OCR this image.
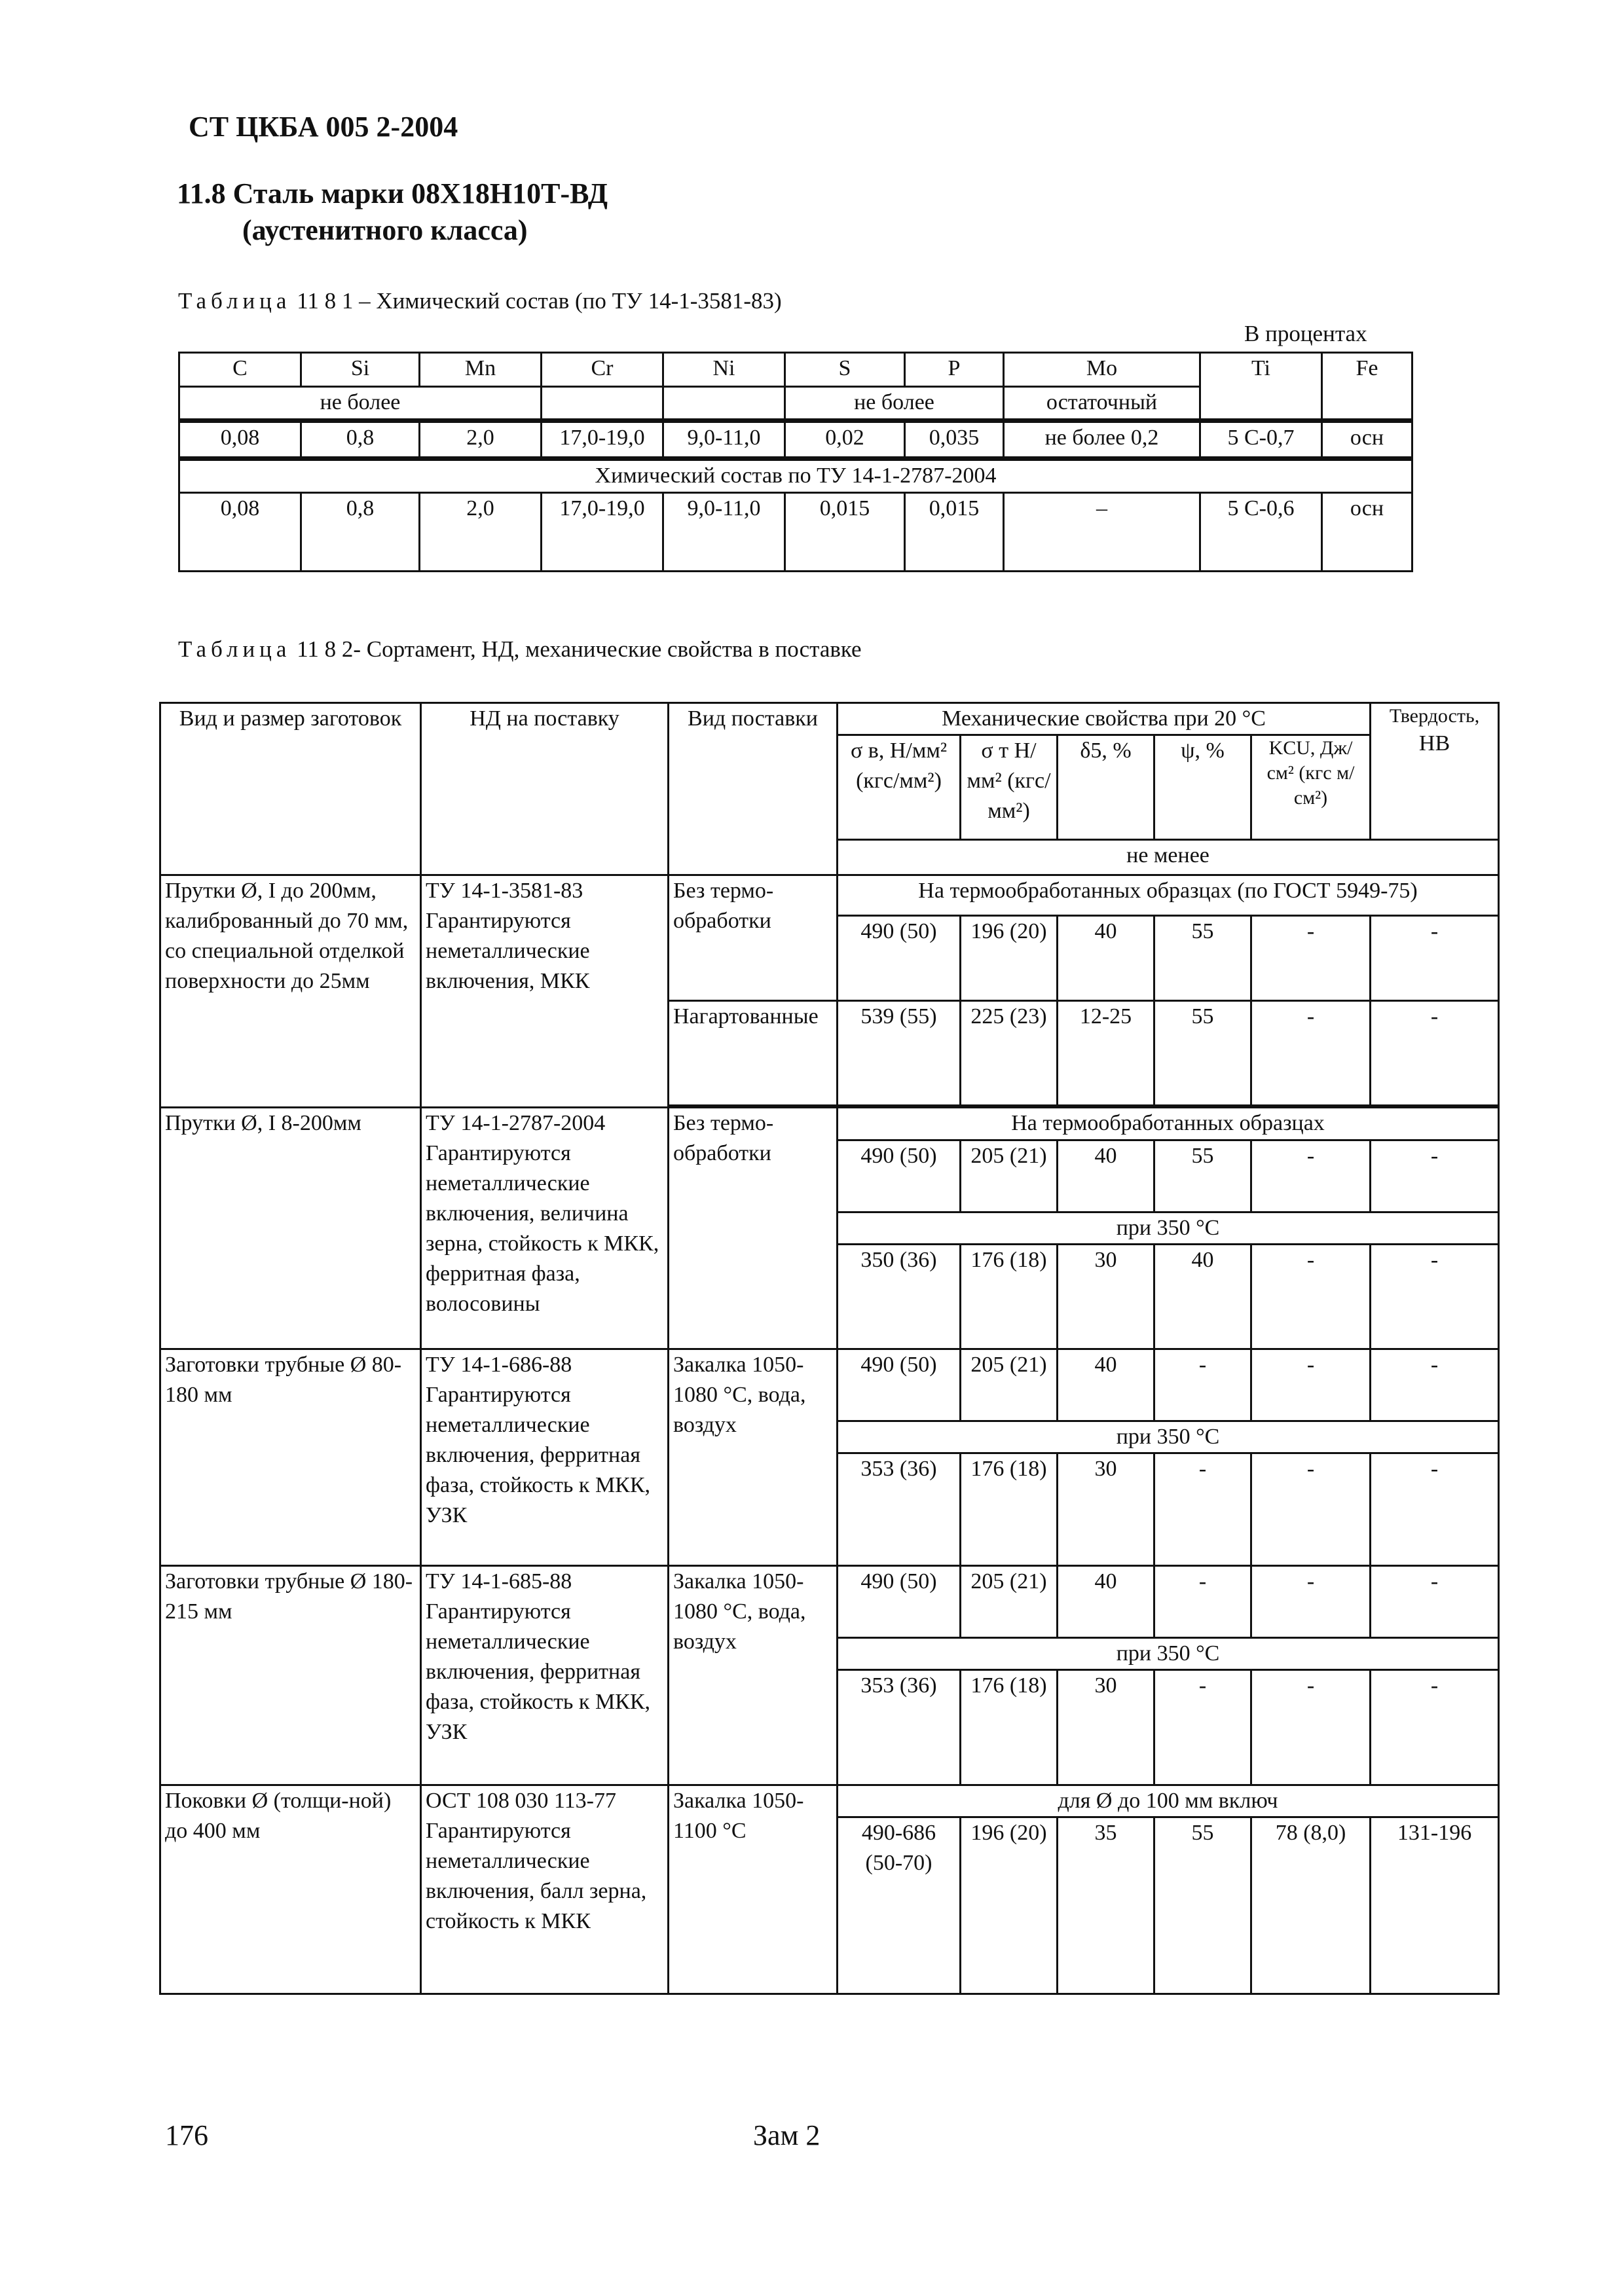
СТ ЦКБА 005 2-2004
11.8 Сталь марки 08Х18Н10Т-ВД
(аустенитного класса)
Таблица 11 8 1 – Химический состав (по ТУ 14-1-3581-83)
В процентах
C	Si	Mn	Cr	Ni	S	P	Mo	Ti	Fe
не более					не более		остаточный		
0,08	0,8	2,0	17,0-19,0	9,0-11,0	0,02	0,035	не более 0,2	5 C-0,7	осн
Химический состав по ТУ 14-1-2787-2004									
0,08	0,8	2,0	17,0-19,0	9,0-11,0	0,015	0,015	–	5 C-0,6	осн
Таблица 11 8 2- Сортамент, НД, механические свойства в поставке
Вид и размер заготовок	НД на поставку	Вид поставки	Механические свойства при 20 °С					Твердость,
НВ

			σ в, Н/мм² (кгс/мм²)	σ т Н/мм² (кгс/мм²)	δ5, %	ψ, %	KCU, Дж/см² (кгс м/см²)	
			не менее					
Прутки Ø, I до 200мм, калиброванный до 70 мм, со специальной отделкой поверхности до 25мм	ТУ 14-1-3581-83 Гарантируются неметаллические включения, МКК	Без термо-обработки	На термообработанных образцах (по ГОСТ 5949-75)					
			490 (50)	196 (20)	40	55	-	-
		Нагартованные	539 (55)	225 (23)	12-25	55	-	-

Прутки Ø, I 8-200мм	ТУ 14-1-2787-2004 Гарантируются неметаллические включения, величина зерна, стойкость к МКК, ферритная фаза, волосовины	Без термо-обработки	На термообработанных образцах					
			490 (50)	205 (21)	40	55	-	-
			при 350 °С					
			350 (36)	176 (18)	30	40	-	-
Заготовки трубные Ø 80-180 мм	ТУ 14-1-686-88 Гарантируются неметаллические включения, ферритная фаза, стойкость к МКК, УЗК	Закалка 1050-1080 °С, вода, воздух	490 (50)	205 (21)	40	-	-	-
			при 350 °С					
			353 (36)	176 (18)	30	-	-	-
Заготовки трубные Ø 180-215 мм	ТУ 14-1-685-88 Гарантируются неметаллические включения, ферритная фаза, стойкость к МКК, УЗК	Закалка 1050-1080 °С, вода, воздух	490 (50)	205 (21)	40	-	-	-
			при 350 °С					
			353 (36)	176 (18)	30	-	-	-
Поковки Ø (толщи-ной) до 400 мм	ОСТ 108 030 113-77 Гарантируются неметаллические включения, балл зерна, стойкость к МКК	Закалка 1050-1100 °С	для Ø до 100 мм включ					
			490-686 (50-70)	196 (20)	35	55	78 (8,0)	131-196
176	Зам 2
